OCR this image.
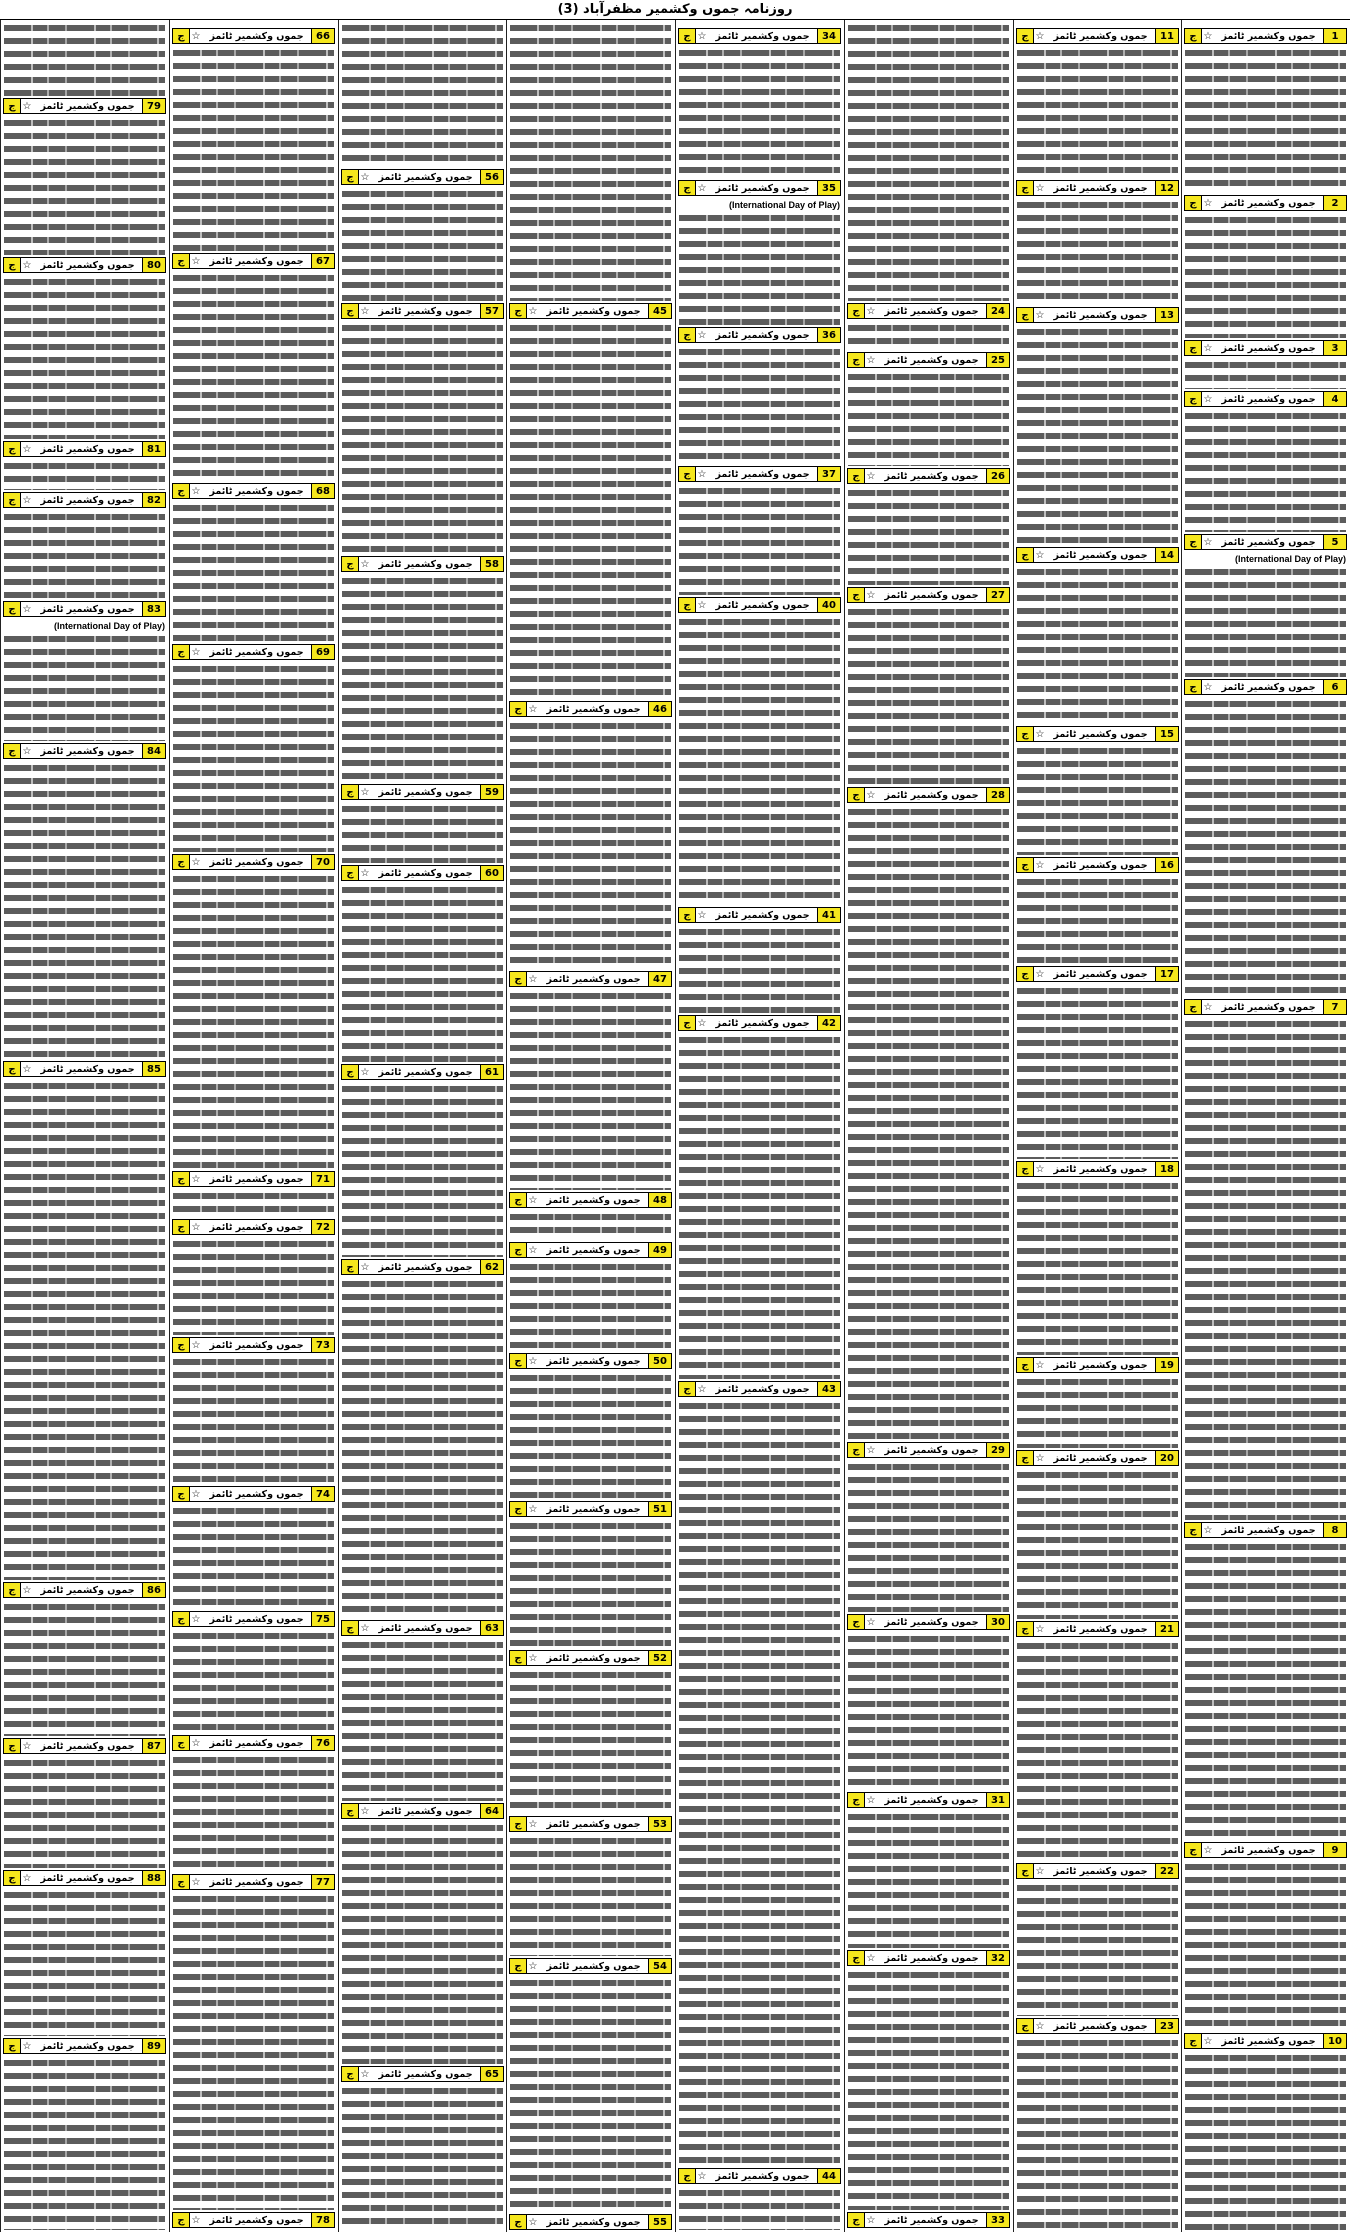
روزنامہ جموں وکشمیر مظفرآباد (3)
1
جموں وکشمیر ٹائمز
☆
ج
2
جموں وکشمیر ٹائمز
☆
ج
3
جموں وکشمیر ٹائمز
☆
ج
4
جموں وکشمیر ٹائمز
☆
ج
5
جموں وکشمیر ٹائمز
☆
ج
(International Day of Play)
6
جموں وکشمیر ٹائمز
☆
ج
7
جموں وکشمیر ٹائمز
☆
ج
8
جموں وکشمیر ٹائمز
☆
ج
9
جموں وکشمیر ٹائمز
☆
ج
10
جموں وکشمیر ٹائمز
☆
ج
11
جموں وکشمیر ٹائمز
☆
ج
12
جموں وکشمیر ٹائمز
☆
ج
13
جموں وکشمیر ٹائمز
☆
ج
14
جموں وکشمیر ٹائمز
☆
ج
15
جموں وکشمیر ٹائمز
☆
ج
16
جموں وکشمیر ٹائمز
☆
ج
17
جموں وکشمیر ٹائمز
☆
ج
18
جموں وکشمیر ٹائمز
☆
ج
19
جموں وکشمیر ٹائمز
☆
ج
20
جموں وکشمیر ٹائمز
☆
ج
21
جموں وکشمیر ٹائمز
☆
ج
22
جموں وکشمیر ٹائمز
☆
ج
23
جموں وکشمیر ٹائمز
☆
ج
24
جموں وکشمیر ٹائمز
☆
ج
25
جموں وکشمیر ٹائمز
☆
ج
26
جموں وکشمیر ٹائمز
☆
ج
27
جموں وکشمیر ٹائمز
☆
ج
28
جموں وکشمیر ٹائمز
☆
ج
29
جموں وکشمیر ٹائمز
☆
ج
30
جموں وکشمیر ٹائمز
☆
ج
31
جموں وکشمیر ٹائمز
☆
ج
32
جموں وکشمیر ٹائمز
☆
ج
33
جموں وکشمیر ٹائمز
☆
ج
34
جموں وکشمیر ٹائمز
☆
ج
35
جموں وکشمیر ٹائمز
☆
ج
(International Day of Play)
36
جموں وکشمیر ٹائمز
☆
ج
37
جموں وکشمیر ٹائمز
☆
ج
40
جموں وکشمیر ٹائمز
☆
ج
41
جموں وکشمیر ٹائمز
☆
ج
42
جموں وکشمیر ٹائمز
☆
ج
43
جموں وکشمیر ٹائمز
☆
ج
44
جموں وکشمیر ٹائمز
☆
ج
45
جموں وکشمیر ٹائمز
☆
ج
46
جموں وکشمیر ٹائمز
☆
ج
47
جموں وکشمیر ٹائمز
☆
ج
48
جموں وکشمیر ٹائمز
☆
ج
49
جموں وکشمیر ٹائمز
☆
ج
50
جموں وکشمیر ٹائمز
☆
ج
51
جموں وکشمیر ٹائمز
☆
ج
52
جموں وکشمیر ٹائمز
☆
ج
53
جموں وکشمیر ٹائمز
☆
ج
54
جموں وکشمیر ٹائمز
☆
ج
55
جموں وکشمیر ٹائمز
☆
ج
56
جموں وکشمیر ٹائمز
☆
ج
57
جموں وکشمیر ٹائمز
☆
ج
58
جموں وکشمیر ٹائمز
☆
ج
59
جموں وکشمیر ٹائمز
☆
ج
60
جموں وکشمیر ٹائمز
☆
ج
61
جموں وکشمیر ٹائمز
☆
ج
62
جموں وکشمیر ٹائمز
☆
ج
63
جموں وکشمیر ٹائمز
☆
ج
64
جموں وکشمیر ٹائمز
☆
ج
65
جموں وکشمیر ٹائمز
☆
ج
66
جموں وکشمیر ٹائمز
☆
ج
67
جموں وکشمیر ٹائمز
☆
ج
68
جموں وکشمیر ٹائمز
☆
ج
69
جموں وکشمیر ٹائمز
☆
ج
70
جموں وکشمیر ٹائمز
☆
ج
71
جموں وکشمیر ٹائمز
☆
ج
72
جموں وکشمیر ٹائمز
☆
ج
73
جموں وکشمیر ٹائمز
☆
ج
74
جموں وکشمیر ٹائمز
☆
ج
75
جموں وکشمیر ٹائمز
☆
ج
76
جموں وکشمیر ٹائمز
☆
ج
77
جموں وکشمیر ٹائمز
☆
ج
78
جموں وکشمیر ٹائمز
☆
ج
79
جموں وکشمیر ٹائمز
☆
ج
80
جموں وکشمیر ٹائمز
☆
ج
81
جموں وکشمیر ٹائمز
☆
ج
82
جموں وکشمیر ٹائمز
☆
ج
83
جموں وکشمیر ٹائمز
☆
ج
(International Day of Play)
84
جموں وکشمیر ٹائمز
☆
ج
85
جموں وکشمیر ٹائمز
☆
ج
86
جموں وکشمیر ٹائمز
☆
ج
87
جموں وکشمیر ٹائمز
☆
ج
88
جموں وکشمیر ٹائمز
☆
ج
89
جموں وکشمیر ٹائمز
☆
ج
